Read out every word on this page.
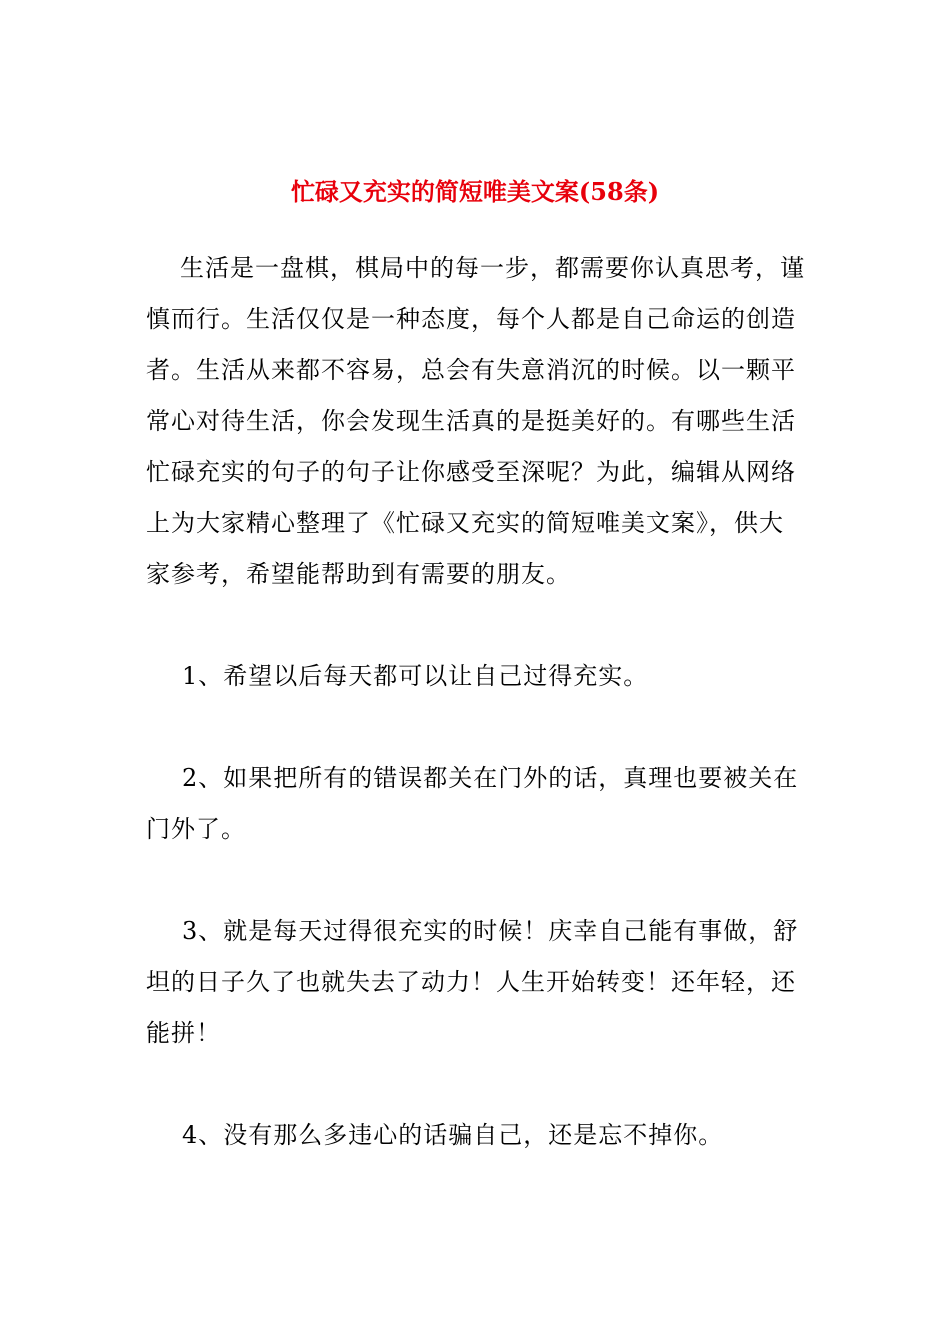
忙碌又充实的简短唯美文案(58条)

生活是一盘棋，棋局中的每一步，都需要你认真思考，谨慎而行。生活仅仅是一种态度，每个人都是自己命运的创造者。生活从来都不容易，总会有失意消沉的时候。以一颗平常心对待生活，你会发现生活真的是挺美好的。有哪些生活忙碌充实的句子的句子让你感受至深呢？为此，编辑从网络上为大家精心整理了《忙碌又充实的简短唯美文案》，供大家参考，希望能帮助到有需要的朋友。

1、希望以后每天都可以让自己过得充实。

2、如果把所有的错误都关在门外的话，真理也要被关在门外了。

3、就是每天过得很充实的时候！庆幸自己能有事做，舒坦的日子久了也就失去了动力！人生开始转变！还年轻，还能拼！

4、没有那么多违心的话骗自己，还是忘不掉你。
